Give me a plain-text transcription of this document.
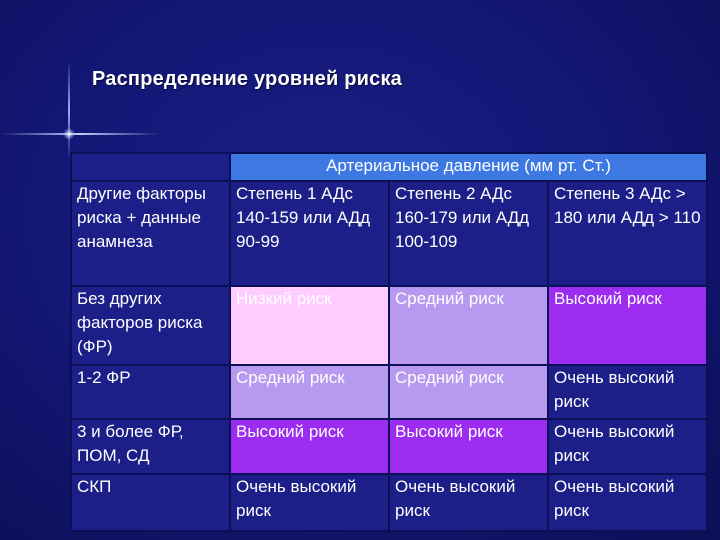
Распределение уровней риска
	Артериальное давление (мм рт. Ст.)		
Другие факторы риска + данные анамнеза	Степень 1 АДс 140-159 или АДд 90-99	Степень 2 АДс 160-179 или АДд 100-109	Степень 3 АДс > 180 или АДд > 110
Без других факторов риска (ФР)	Низкий риск	Средний риск	Высокий риск
1-2 ФР	Средний риск	Средний риск	Очень высокий риск
3 и более ФР, ПОМ, СД	Высокий риск	Высокий риск	Очень высокий риск
СКП	Очень высокий риск	Очень высокий риск	Очень высокий риск
